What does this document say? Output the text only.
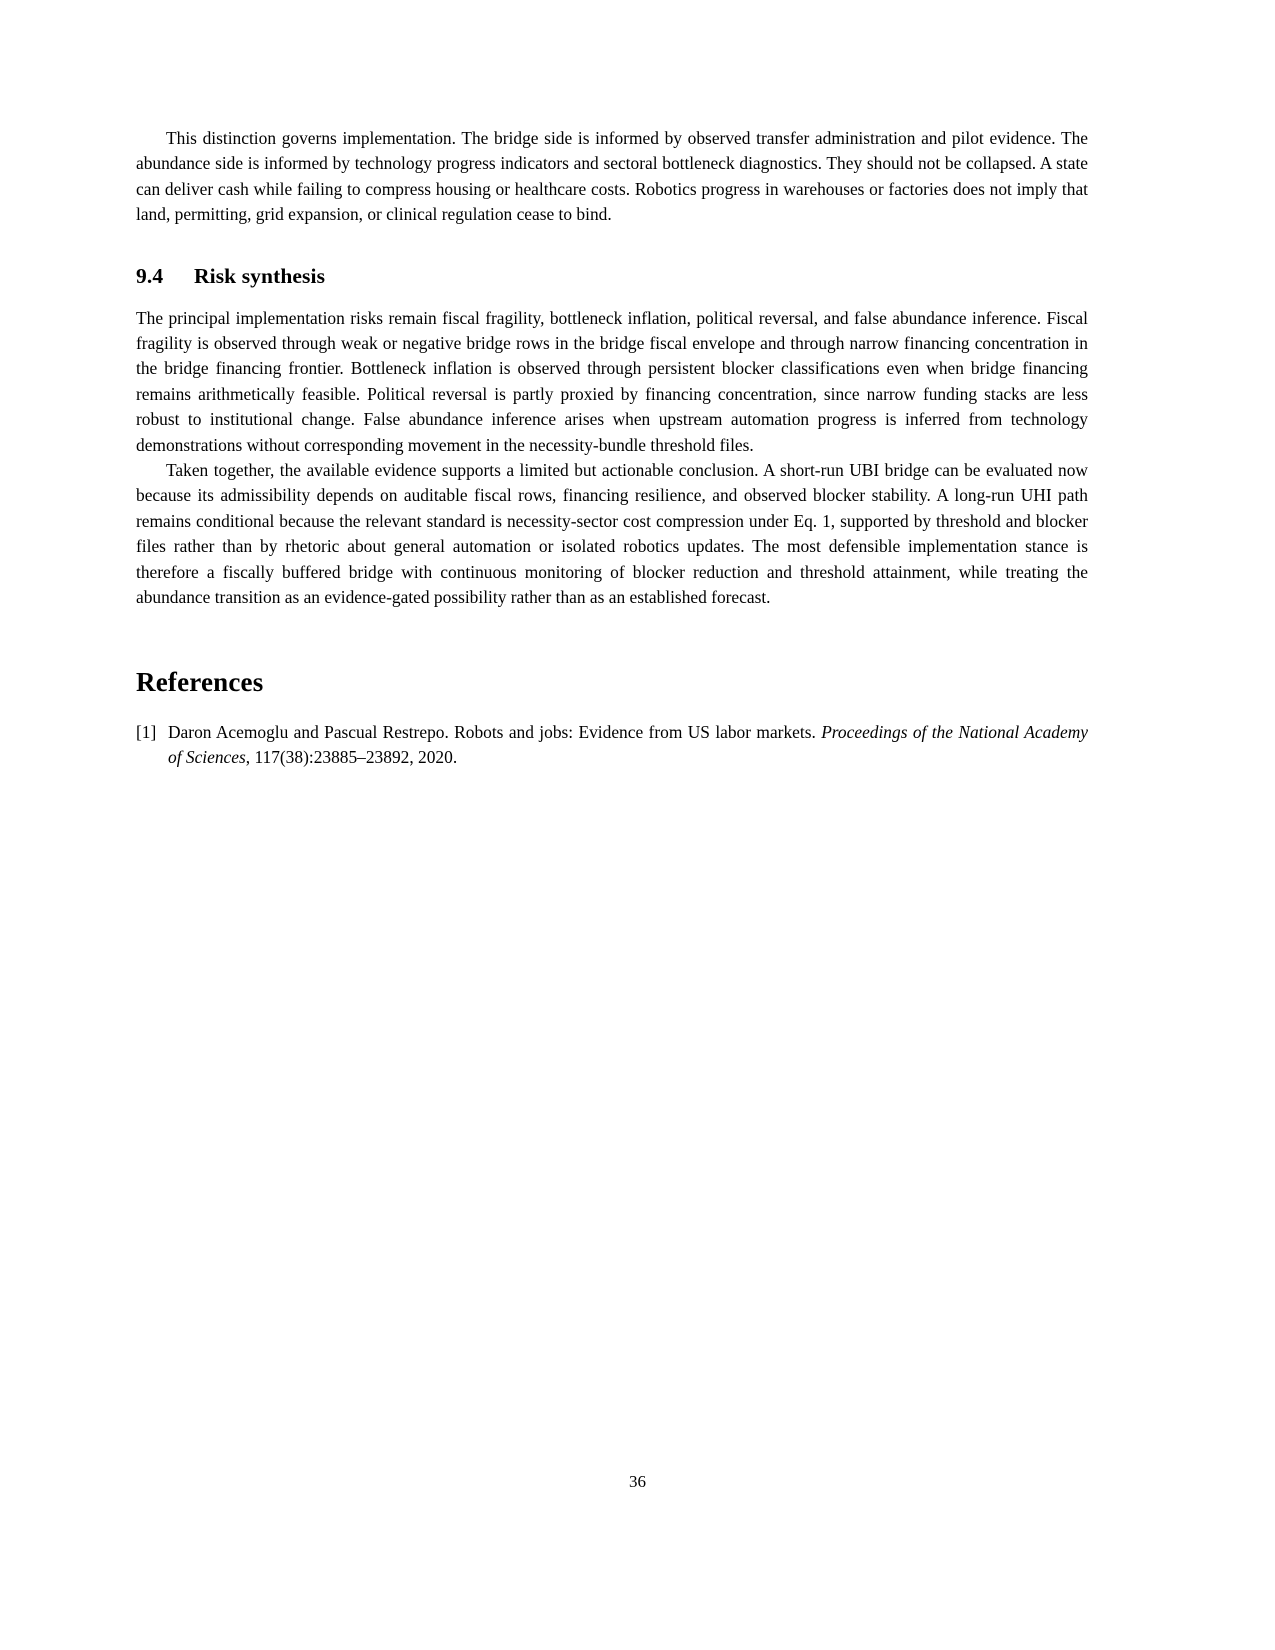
This distinction governs implementation. The bridge side is informed by observed transfer administration and pilot evidence. The abundance side is informed by technology progress indicators and sectoral bottleneck diagnostics. They should not be collapsed. A state can deliver cash while failing to compress housing or healthcare costs. Robotics progress in warehouses or factories does not imply that land, permitting, grid expansion, or clinical regulation cease to bind.

9.4 Risk synthesis

The principal implementation risks remain fiscal fragility, bottleneck inflation, political reversal, and false abundance inference. Fiscal fragility is observed through weak or negative bridge rows in the bridge fiscal envelope and through narrow financing concentration in the bridge financing frontier. Bottleneck inflation is observed through persistent blocker classifications even when bridge financing remains arithmetically feasible. Political reversal is partly proxied by financing concentration, since narrow funding stacks are less robust to institutional change. False abundance inference arises when upstream automation progress is inferred from technology demonstrations without corresponding movement in the necessity-bundle threshold files.

Taken together, the available evidence supports a limited but actionable conclusion. A short-run UBI bridge can be evaluated now because its admissibility depends on auditable fiscal rows, financing resilience, and observed blocker stability. A long-run UHI path remains conditional because the relevant standard is necessity-sector cost compression under Eq. 1, supported by threshold and blocker files rather than by rhetoric about general automation or isolated robotics updates. The most defensible implementation stance is therefore a fiscally buffered bridge with continuous monitoring of blocker reduction and threshold attainment, while treating the abundance transition as an evidence-gated possibility rather than as an established forecast.

References
[1] Daron Acemoglu and Pascual Restrepo. Robots and jobs: Evidence from US labor markets. Proceedings of the National Academy of Sciences, 117(38):23885–23892, 2020.
36
